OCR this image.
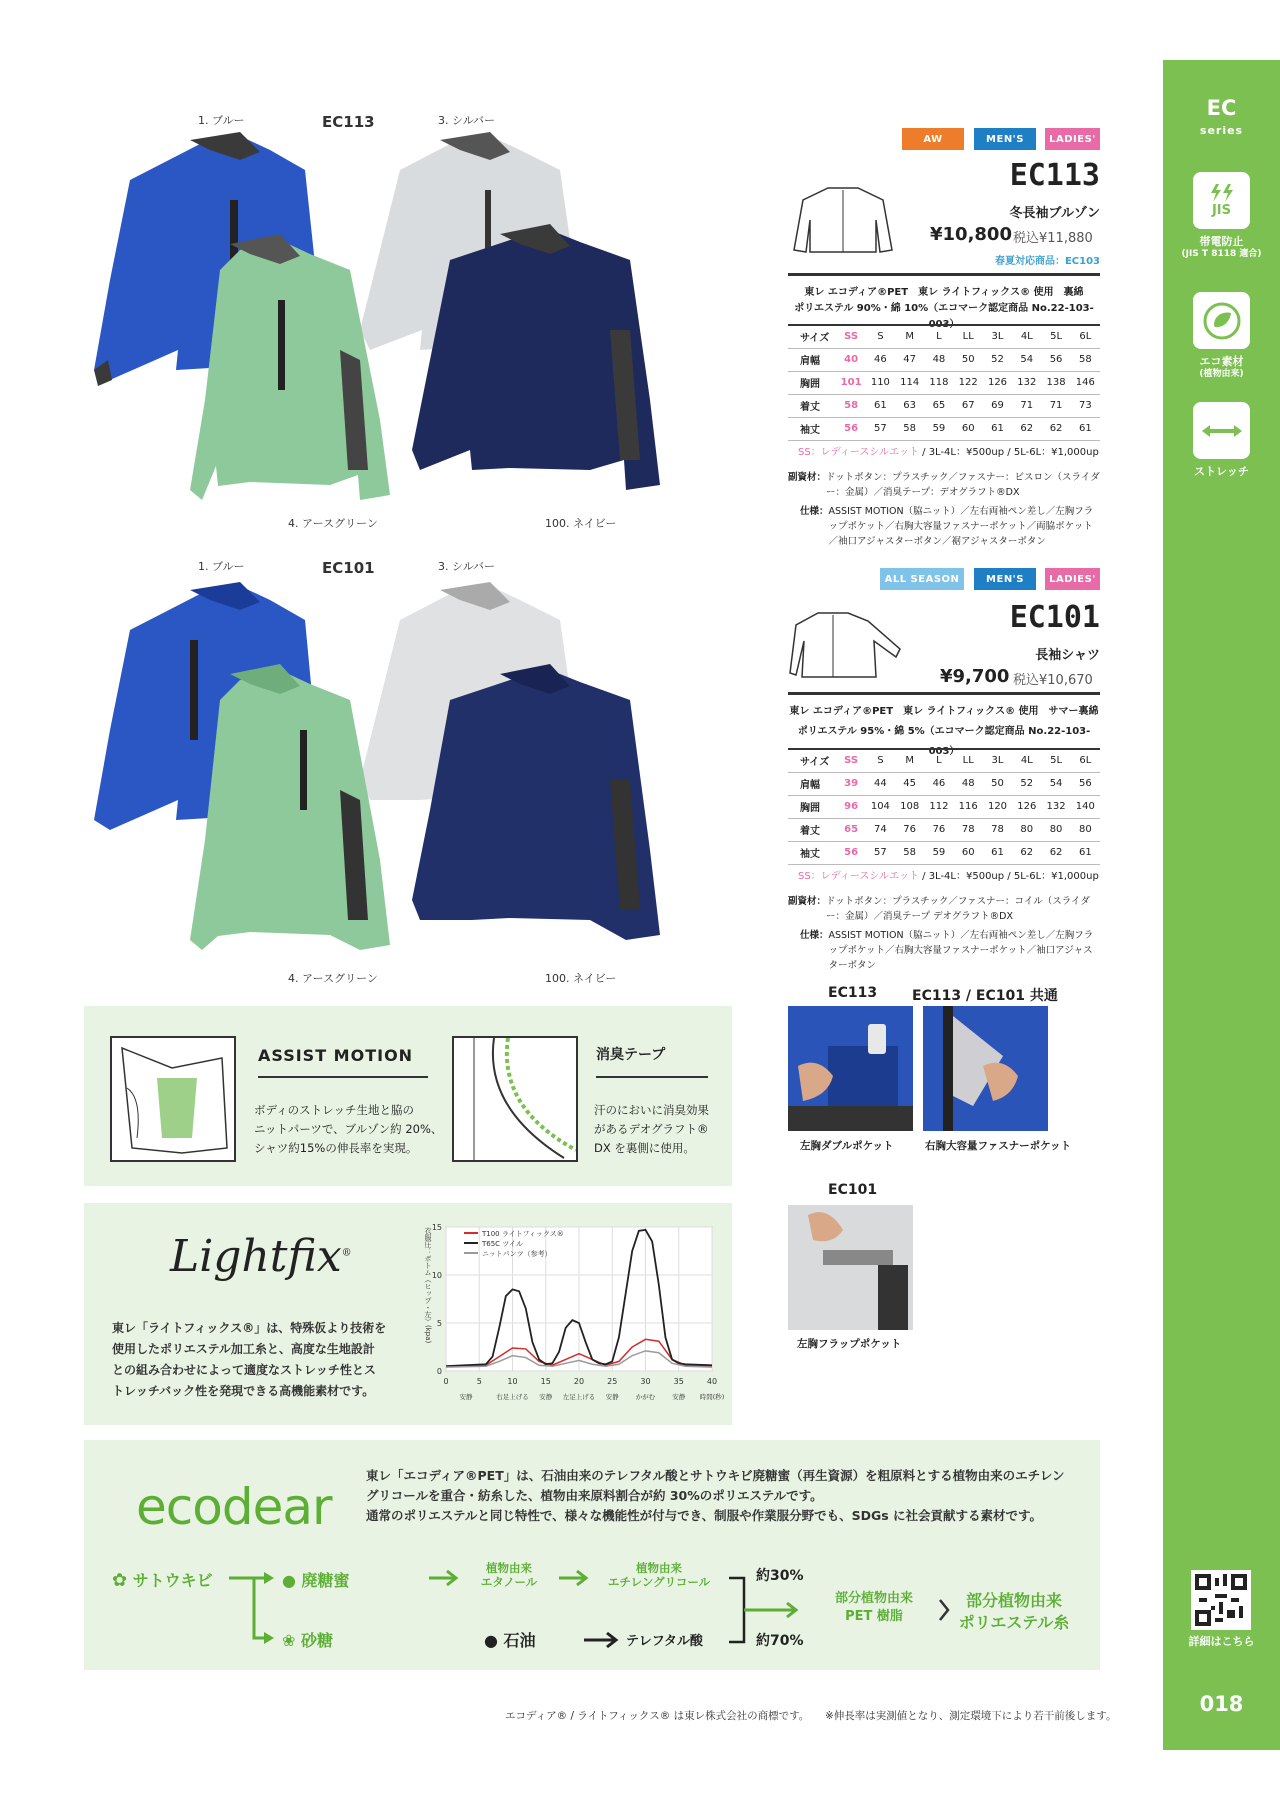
EC
series
JIS
帯電防止
(JIS T 8118 適合)
エコ素材
(植物由来)
ストレッチ
詳細はこちら
018
1. ブルー	EC113	3. シルバー
4. アースグリーン	100. ネイビー
1. ブルー	EC101	3. シルバー
4. アースグリーン	100. ネイビー
AW	MEN'S	LADIES'
EC113
冬長袖ブルゾン
¥10,800 税込¥11,880
春夏対応商品：EC103
東レ エコディア®PET　東レ ライトフィックス® 使用　裏綿
ポリエステル 90%・綿 10%（エコマーク認定商品 No.22-103-003）
サイズ	SS	S	M	L	LL	3L	4L	5L	6L
肩幅	40	46	47	48	50	52	54	56	58
胸囲	101	110	114	118	122	126	132	138	146
着丈	58	61	63	65	67	69	71	71	73
袖丈	56	57	58	59	60	61	62	62	61
SS：レディースシルエット / 3L-4L：¥500up / 5L-6L：¥1,000up
副資材： ドットボタン：プラスチック／ファスナー：ビスロン（スライダー：金属）／消臭テープ：デオグラフト®DX
仕様： ASSIST MOTION（脇ニット）／左右両袖ペン差し／左胸フラップポケット／右胸大容量ファスナーポケット／両脇ポケット／袖口アジャスターボタン／裾アジャスターボタン
ALL SEASON	MEN'S	LADIES'
EC101
長袖シャツ
¥9,700 税込¥10,670
東レ エコディア®PET　東レ ライトフィックス® 使用　サマー裏綿
ポリエステル 95%・綿 5%（エコマーク認定商品 No.22-103-003）
サイズ	SS	S	M	L	LL	3L	4L	5L	6L
肩幅	39	44	45	46	48	50	52	54	56
胸囲	96	104	108	112	116	120	126	132	140
着丈	65	74	76	76	78	78	80	80	80
袖丈	56	57	58	59	60	61	62	62	61
SS：レディースシルエット / 3L-4L：¥500up / 5L-6L：¥1,000up
副資材： ドットボタン：プラスチック／ファスナー：コイル（スライダー：金属）／消臭テープ デオグラフト®DX
仕様： ASSIST MOTION（脇ニット）／左右両袖ペン差し／左胸フラップポケット／右胸大容量ファスナーポケット／袖口アジャスターボタン
EC113 EC113 / EC101 共通
左胸ダブルポケット	右胸大容量ファスナーポケット
EC101
左胸フラップポケット
ASSIST MOTION
ボディのストレッチ生地と脇の
ニットパーツで、ブルゾン約 20%、
シャツ約15%の伸長率を実現。
消臭テープ
汗のにおいに消臭効果
があるデオグラフト®
DX を裏側に使用。
Lightfix®
東レ「ライトフィックス®」は、特殊仮より技術を
使用したポリエステル加工糸と、高度な生地設計
との組み合わせによって適度なストレッチ性とス
トレッチバック性を発現できる高機能素材です。
0	5	10	15	20	25	30	35	40
0
5
10
15
安静	右足上げる 安静 左足上げる 安静	かがむ	安静 時間(秒)
衣服圧：ボトム（ヒップ・左）(kpa)	T100 ライトフィックス®
T65C ツイル
ニットパンツ（参考）
ecodear
東レ「エコディア®PET」は、石油由来のテレフタル酸とサトウキビ廃糖蜜（再生資源）を粗原料とする植物由来のエチレン
グリコールを重合・紡糸した、植物由来原料割合が約 30%のポリエステルです。
通常のポリエステルと同じ特性で、様々な機能性が付与でき、制服や作業服分野でも、SDGs に社会貢献する素材です。
✿ サトウキビ	● 廃糖蜜
植物由来
エタノール
植物由来
エチレングリコール	約30%
部分植物由来
PET 樹脂
部分植物由来
ポリエステル糸
❀ 砂糖	● 石油	テレフタル酸	約70%
エコディア® / ライトフィックス® は東レ株式会社の商標です。 ※伸長率は実測値となり、測定環境下により若干前後します。
